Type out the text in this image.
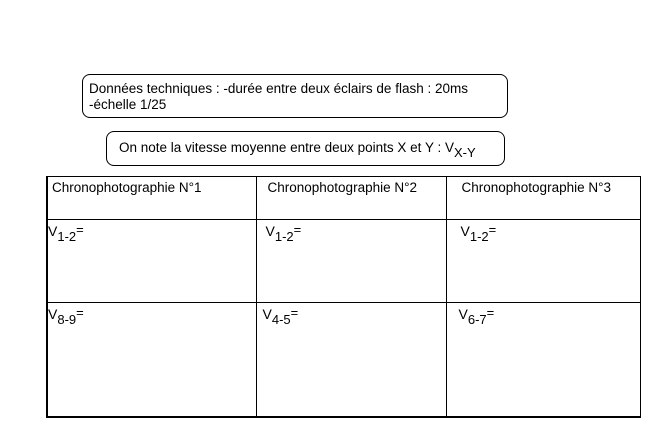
Données techniques : -durée entre deux éclairs de flash : 20ms
-échelle 1/25
On note la vitesse moyenne entre deux points X et Y : $V_{X-Y}$
Chronophotographie N°1	Chronophotographie N°2	Chronophotographie N°3

$V_{1-2}=$	$V_{1-2}=$	$V_{1-2}=$

$V_{8-9}=$	$V_{4-5}=$	$V_{6-7}=$
